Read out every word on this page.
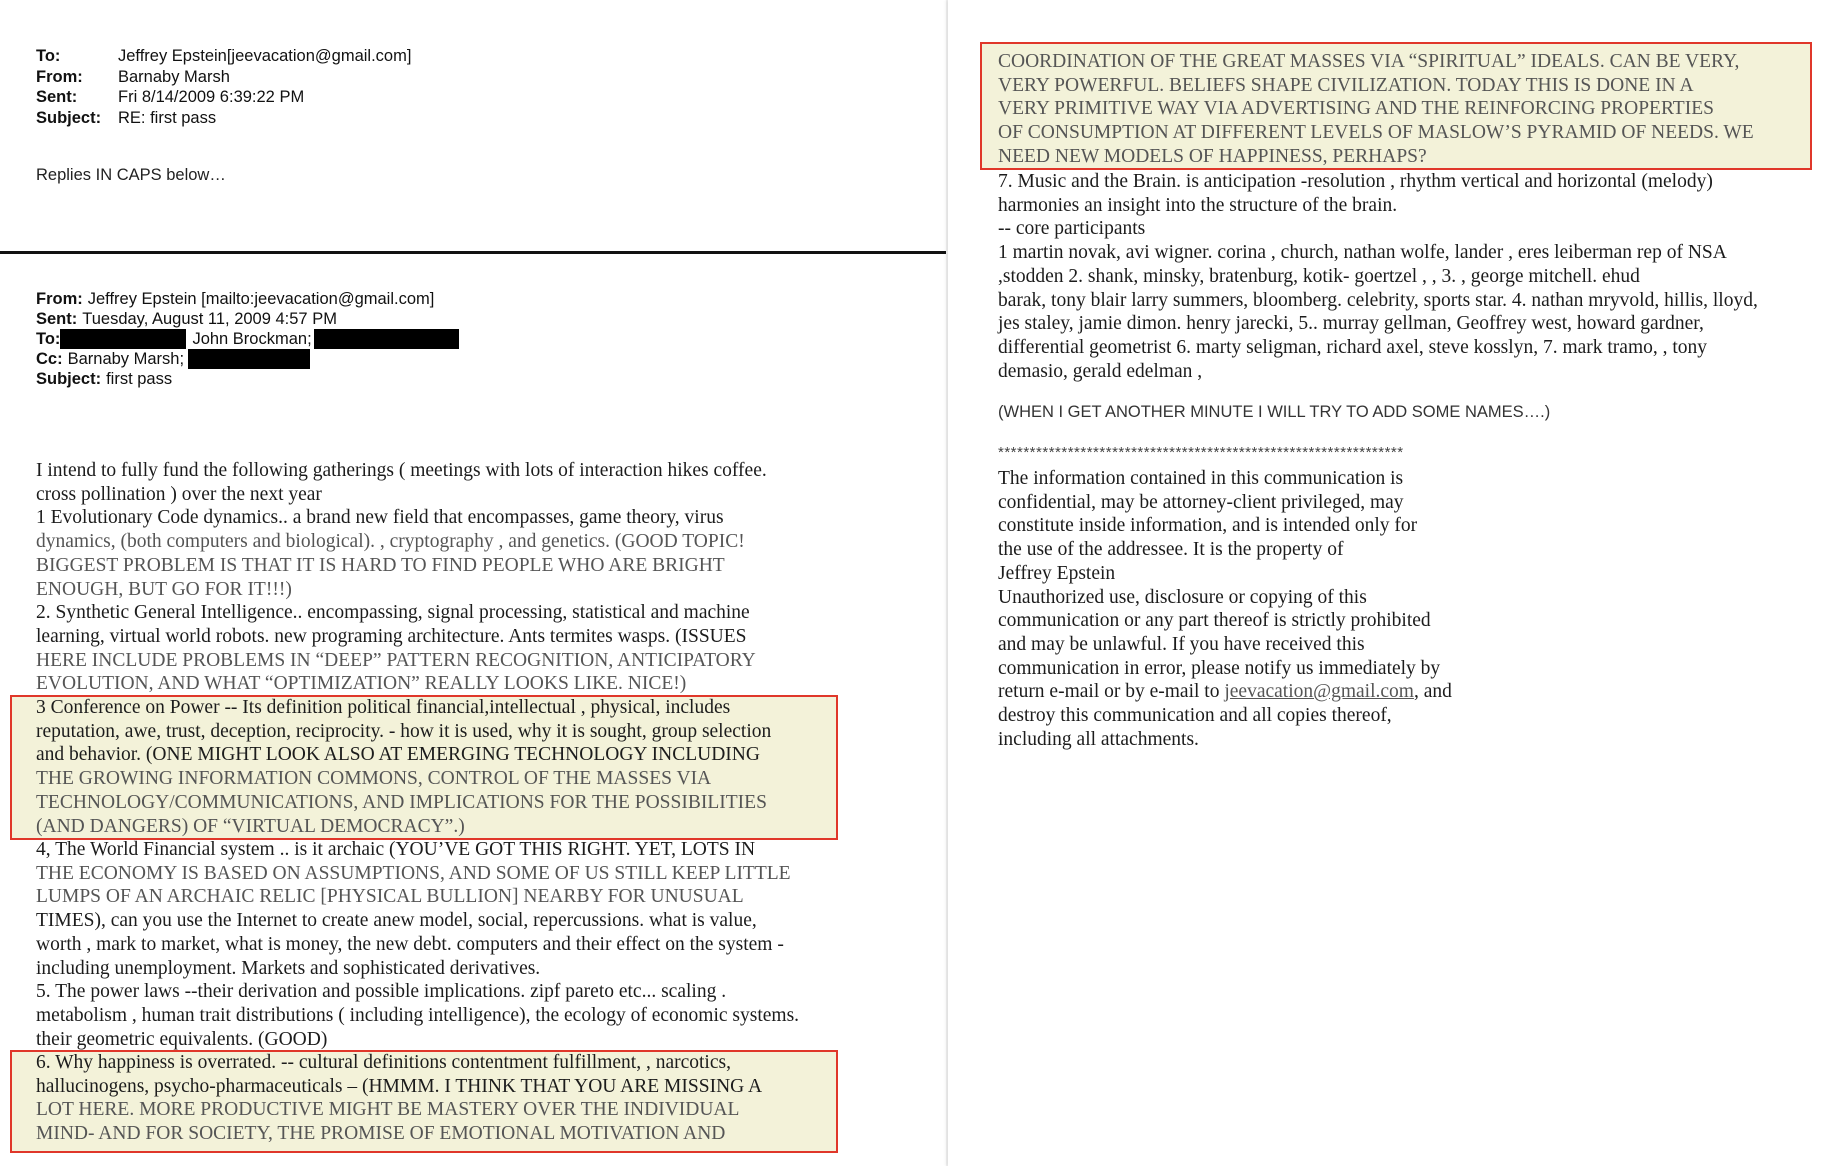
To:	Jeffrey Epstein[jeevacation@gmail.com]
From:	Barnaby Marsh
Sent:	Fri 8/14/2009 6:39:22 PM
Subject:	RE: first pass
Replies IN CAPS below…
From: Jeffrey Epstein [mailto:jeevacation@gmail.com]
Sent: Tuesday, August 11, 2009 4:57 PM
To:	John Brockman;
Cc: Barnaby Marsh;
Subject: first pass
I intend to fully fund the following gatherings ( meetings with lots of interaction hikes coffee.
cross pollination ) over the next year
1 Evolutionary Code dynamics.. a brand new field that encompasses, game theory, virus
dynamics, (both computers and biological). , cryptography , and genetics. (GOOD TOPIC!
BIGGEST PROBLEM IS THAT IT IS HARD TO FIND PEOPLE WHO ARE BRIGHT
ENOUGH, BUT GO FOR IT!!!)
2. Synthetic General Intelligence.. encompassing, signal processing, statistical and machine
learning, virtual world robots. new programing architecture. Ants termites wasps. (ISSUES
HERE INCLUDE PROBLEMS IN “DEEP” PATTERN RECOGNITION, ANTICIPATORY
EVOLUTION, AND WHAT “OPTIMIZATION” REALLY LOOKS LIKE. NICE!)
3 Conference on Power -- Its definition political financial,intellectual , physical, includes
reputation, awe, trust, deception, reciprocity. - how it is used, why it is sought, group selection
and behavior. (ONE MIGHT LOOK ALSO AT EMERGING TECHNOLOGY INCLUDING
THE GROWING INFORMATION COMMONS, CONTROL OF THE MASSES VIA
TECHNOLOGY/COMMUNICATIONS, AND IMPLICATIONS FOR THE POSSIBILITIES
(AND DANGERS) OF “VIRTUAL DEMOCRACY”.)
4, The World Financial system .. is it archaic (YOU’VE GOT THIS RIGHT. YET, LOTS IN
THE ECONOMY IS BASED ON ASSUMPTIONS, AND SOME OF US STILL KEEP LITTLE
LUMPS OF AN ARCHAIC RELIC [PHYSICAL BULLION] NEARBY FOR UNUSUAL
TIMES), can you use the Internet to create anew model, social, repercussions. what is value,
worth , mark to market, what is money, the new debt. computers and their effect on the system -
including unemployment. Markets and sophisticated derivatives.
5. The power laws --their derivation and possible implications. zipf pareto etc... scaling .
metabolism , human trait distributions ( including intelligence), the ecology of economic systems.
their geometric equivalents. (GOOD)
6. Why happiness is overrated. -- cultural definitions contentment fulfillment, , narcotics,
hallucinogens, psycho-pharmaceuticals – (HMMM. I THINK THAT YOU ARE MISSING A
LOT HERE. MORE PRODUCTIVE MIGHT BE MASTERY OVER THE INDIVIDUAL
MIND- AND FOR SOCIETY, THE PROMISE OF EMOTIONAL MOTIVATION AND
COORDINATION OF THE GREAT MASSES VIA “SPIRITUAL” IDEALS. CAN BE VERY,
VERY POWERFUL. BELIEFS SHAPE CIVILIZATION. TODAY THIS IS DONE IN A
VERY PRIMITIVE WAY VIA ADVERTISING AND THE REINFORCING PROPERTIES
OF CONSUMPTION AT DIFFERENT LEVELS OF MASLOW’S PYRAMID OF NEEDS. WE
NEED NEW MODELS OF HAPPINESS, PERHAPS?
7. Music and the Brain. is anticipation -resolution , rhythm vertical and horizontal (melody)
harmonies an insight into the structure of the brain.
-- core participants
1 martin novak, avi wigner. corina , church, nathan wolfe, lander , eres leiberman rep of NSA
,stodden 2. shank, minsky, bratenburg, kotik- goertzel , , 3. , george mitchell. ehud
barak, tony blair larry summers, bloomberg. celebrity, sports star. 4. nathan mryvold, hillis, lloyd,
jes staley, jamie dimon. henry jarecki, 5.. murray gellman, Geoffrey west, howard gardner,
differential geometrist 6. marty seligman, richard axel, steve kosslyn, 7. mark tramo, , tony
demasio, gerald edelman ,
(WHEN I GET ANOTHER MINUTE I WILL TRY TO ADD SOME NAMES….)
****************************************************************
The information contained in this communication is
confidential, may be attorney-client privileged, may
constitute inside information, and is intended only for
the use of the addressee. It is the property of
Jeffrey Epstein
Unauthorized use, disclosure or copying of this
communication or any part thereof is strictly prohibited
and may be unlawful. If you have received this
communication in error, please notify us immediately by
return e-mail or by e-mail to jeevacation@gmail.com, and
destroy this communication and all copies thereof,
including all attachments.
